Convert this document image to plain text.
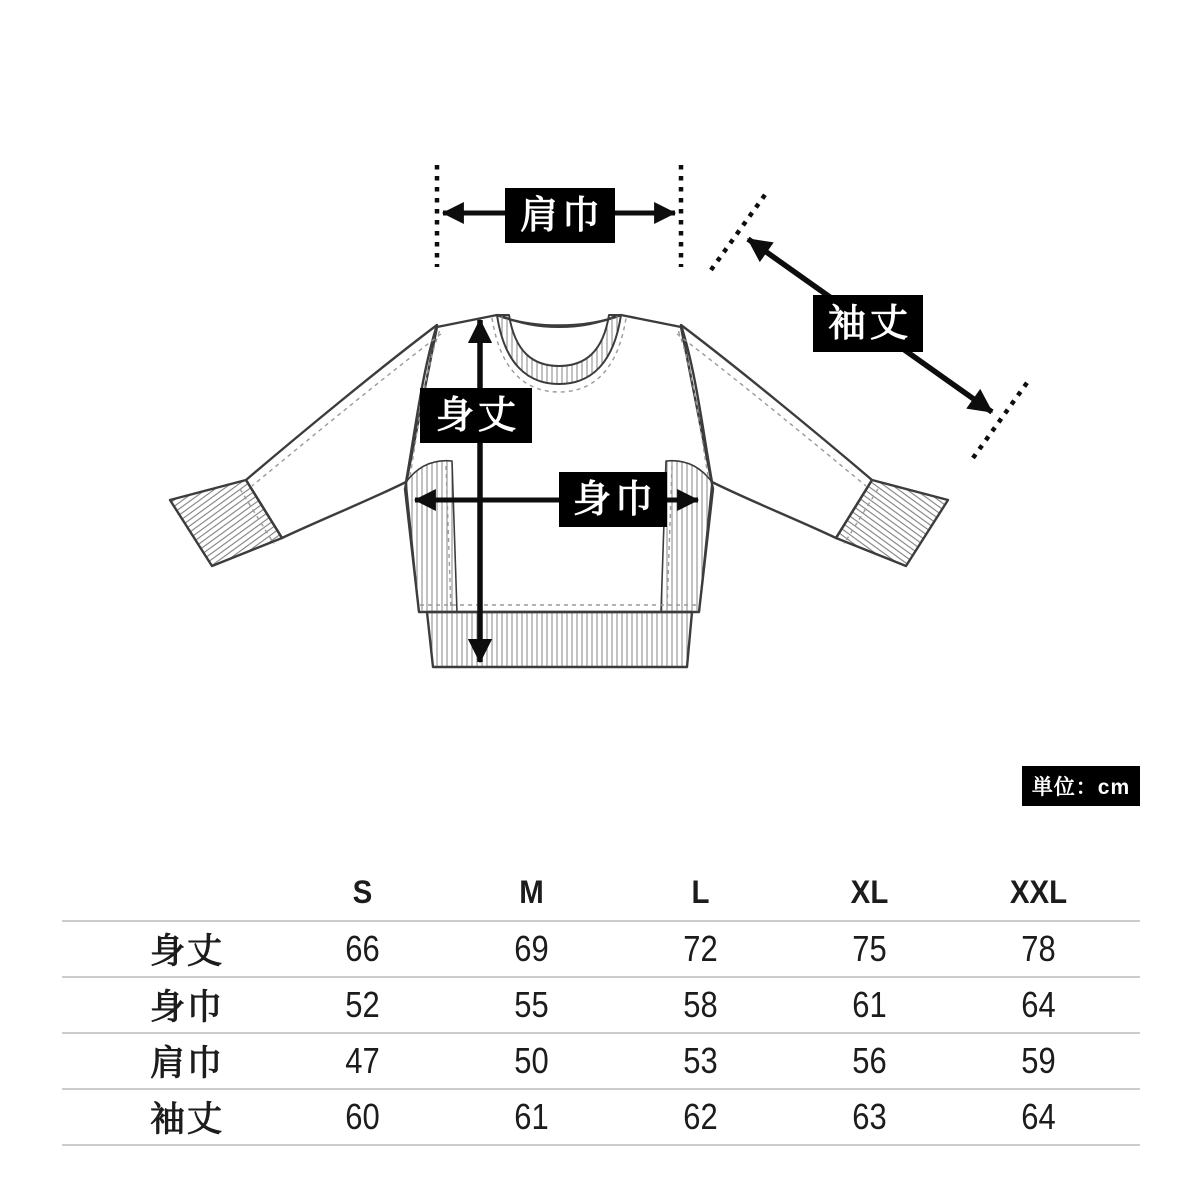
肩巾
袖丈
身丈
身巾
単位：cm
S	M	L	XL	XXL
身丈	66	69	72	75	78
身巾	52	55	58	61	64
肩巾	47	50	53	56	59
袖丈	60	61	62	63	64
